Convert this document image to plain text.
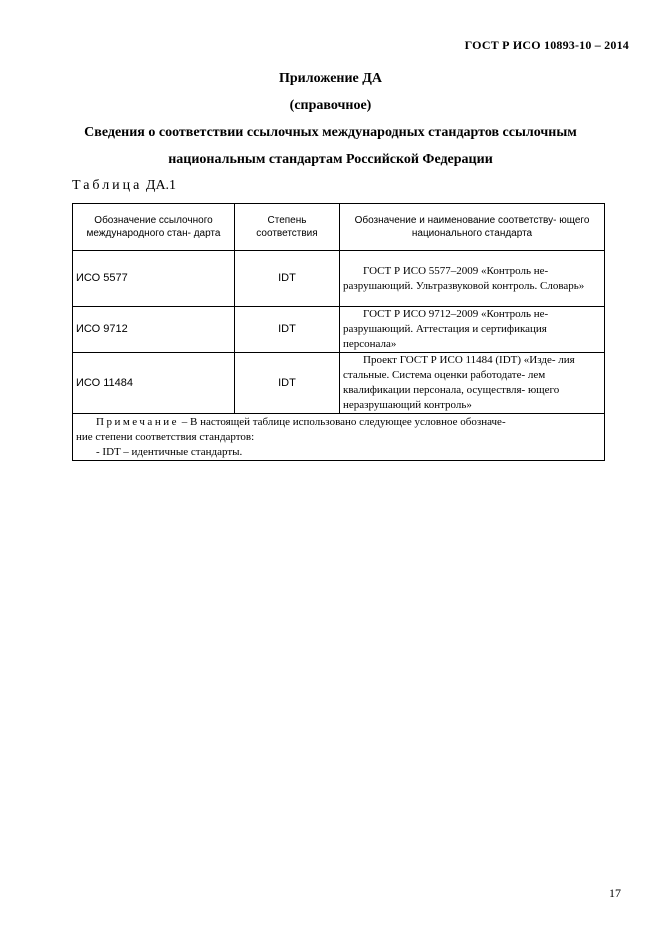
ГОСТ Р ИСО 10893-10 – 2014
Приложение ДА
(справочное)
Сведения о соответствии ссылочных международных стандартов ссылочным
национальным стандартам Российской Федерации
Таблица ДА.1
Обозначение ссылочного международного стан- дарта	Степень соответствия	Обозначение и наименование соответству- ющего национального стандарта
ИСО 5577	IDT	ГОСТ Р ИСО 5577–2009 «Контроль не- разрушающий. Ультразвуковой контроль. Словарь»
ИСО 9712	IDT	ГОСТ Р ИСО 9712–2009 «Контроль не- разрушающий. Аттестация и сертификация персонала»
ИСО 11484	IDT	Проект ГОСТ Р ИСО 11484 (IDT) «Изде- лия стальные. Система оценки работодате- лем квалификации персонала, осуществля- ющего неразрушающий контроль»

Примечание – В настоящей таблице использовано следующее условное обозначе-
ние степени соответствия стандартов:
- IDT – идентичные стандарты.		
17
